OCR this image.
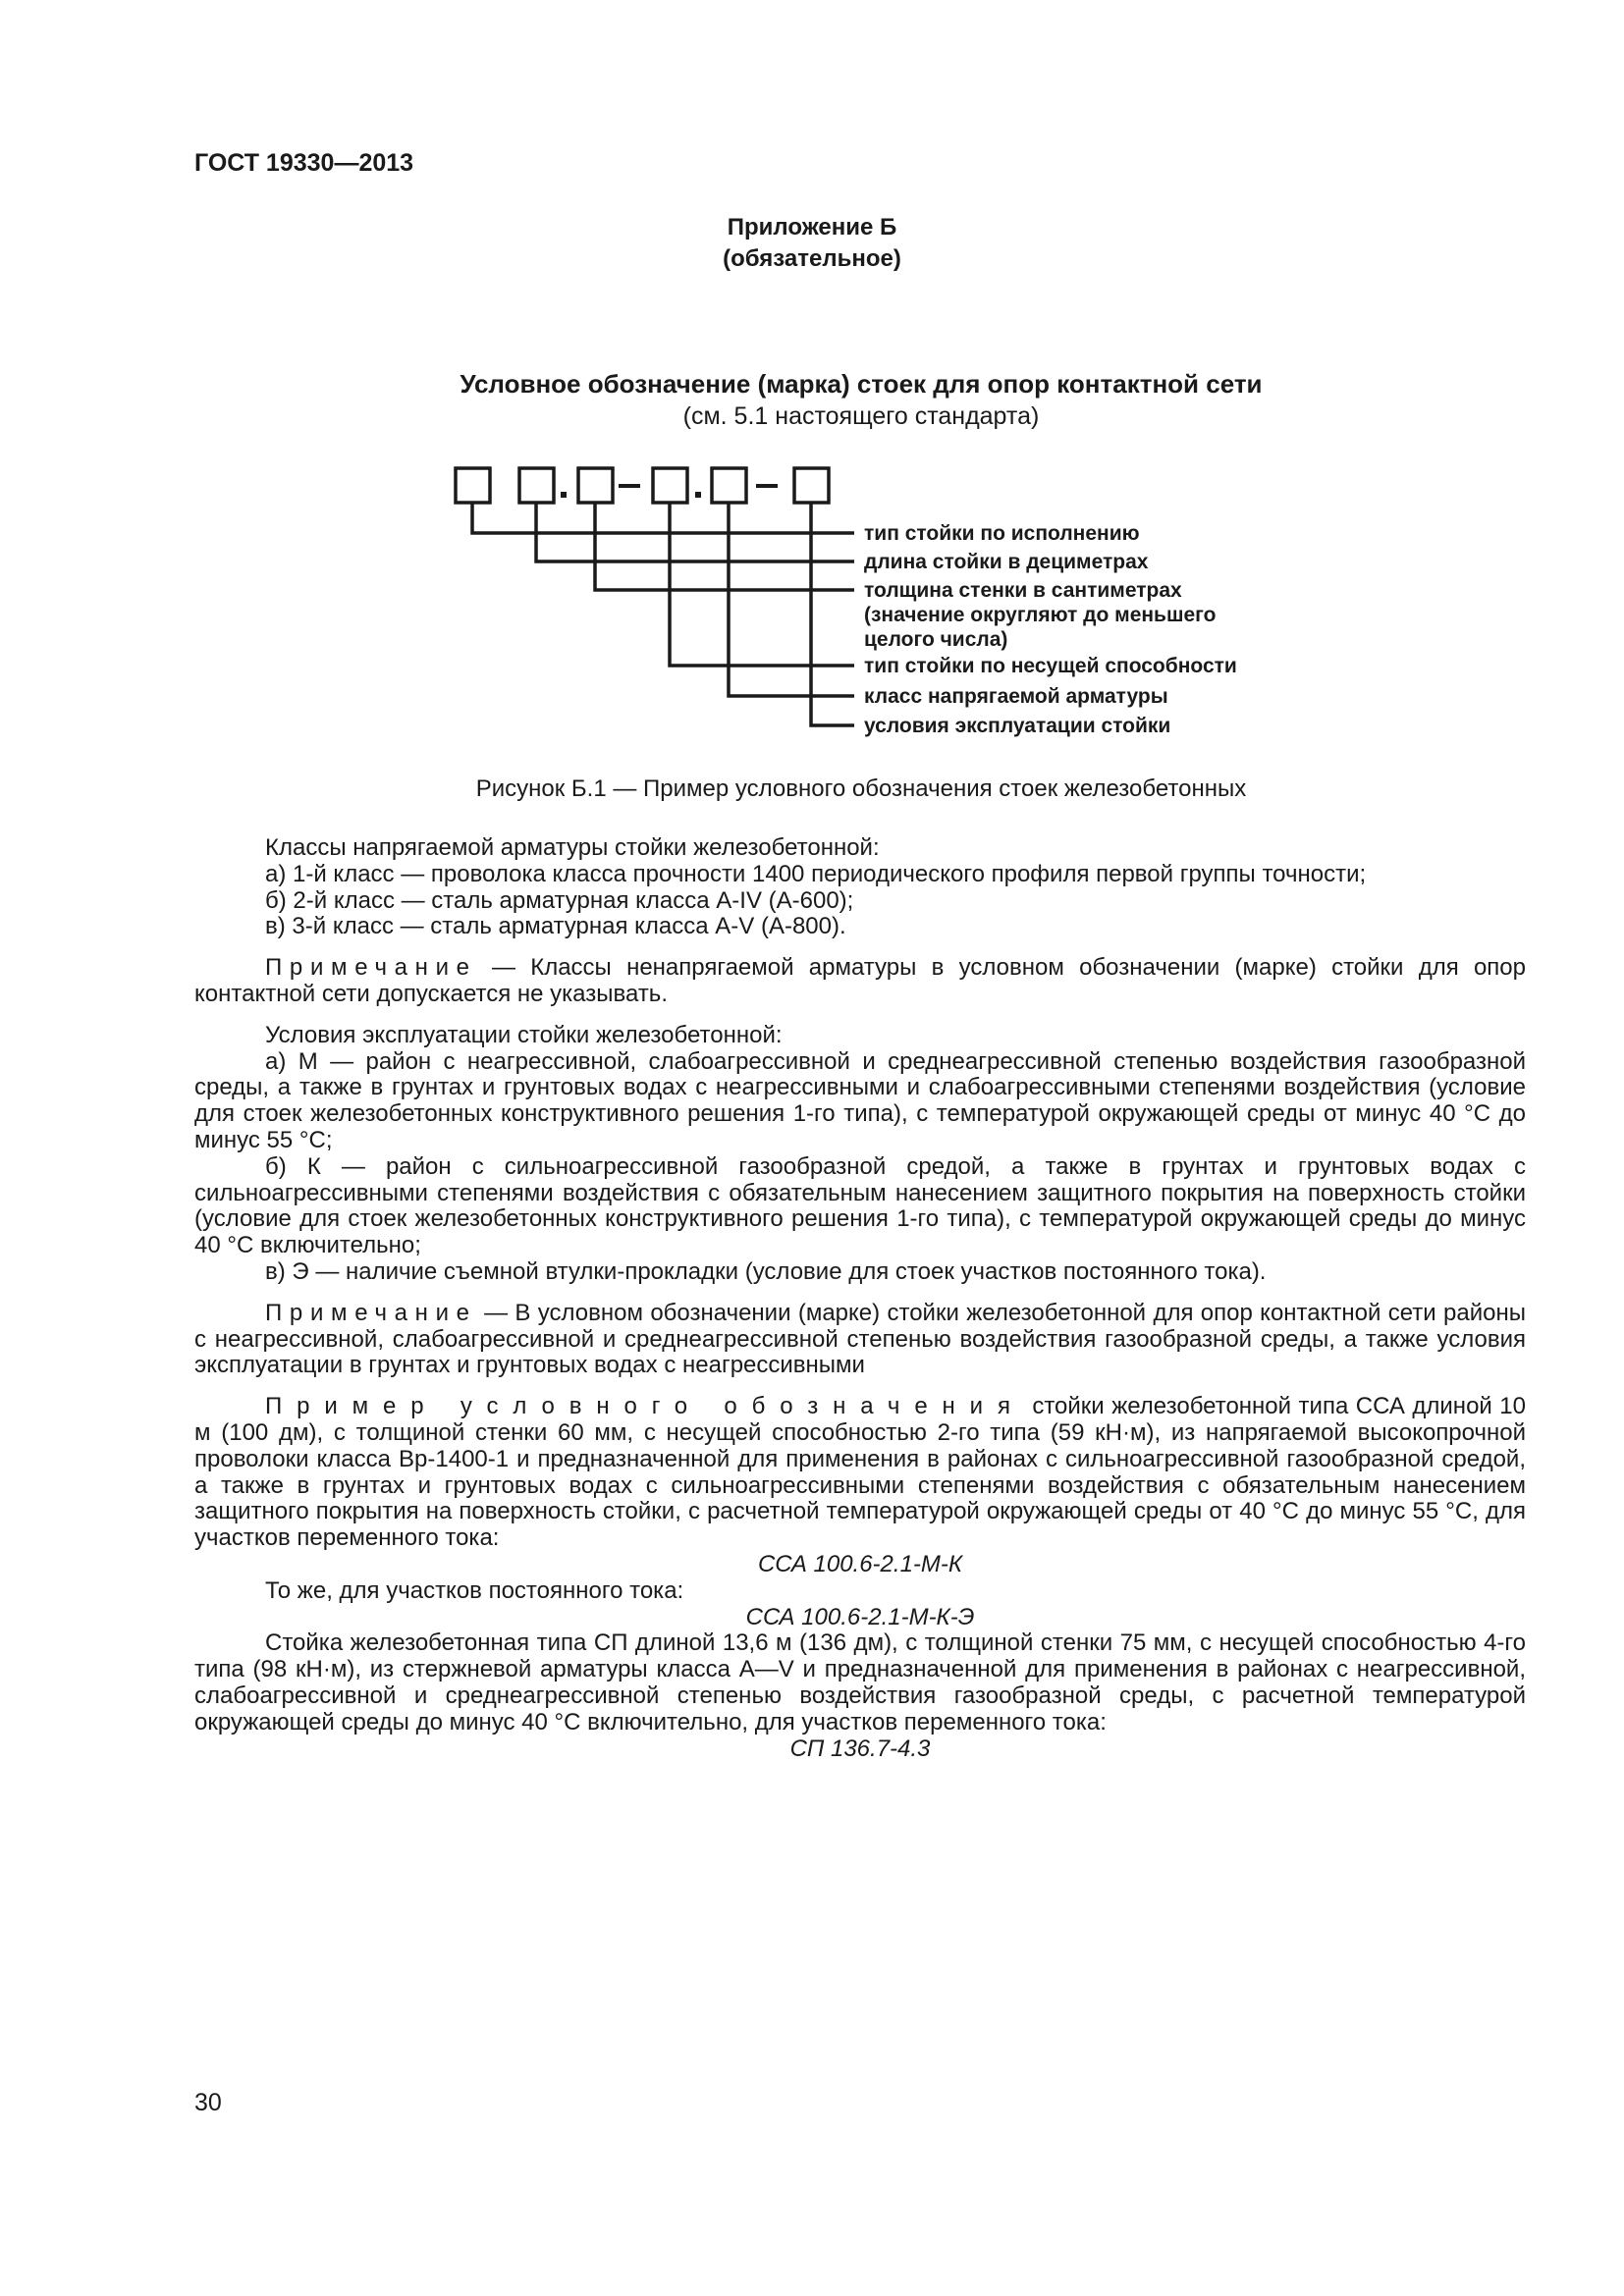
ГОСТ 19330—2013
Приложение Б
(обязательное)
Условное обозначение (марка) стоек для опор контактной сети
(см. 5.1 настоящего стандарта)
тип стойки по исполнению
длина стойки в дециметрах
толщина стенки в сантиметрах
(значение округляют до меньшего
целого числа)
тип стойки по несущей способности
класс напрягаемой арматуры
условия эксплуатации стойки
Рисунок Б.1 — Пример условного обозначения стоек железобетонных

Классы напрягаемой арматуры стойки железобетонной:

а) 1-й класс — проволока класса прочности 1400 периодического профиля первой группы точности;

б) 2-й класс — сталь арматурная класса A-IV (А-600);

в) 3-й класс — сталь арматурная класса A-V (А-800).

Примечание — Классы ненапрягаемой арматуры в условном обозначении (марке) стойки для опор контактной сети допускается не указывать.

Условия эксплуатации стойки железобетонной:

а) М — район с неагрессивной, слабоагрессивной и среднеагрессивной степенью воздействия газообразной среды, а также в грунтах и грунтовых водах с неагрессивными и слабоагрессивными степенями воздействия (условие для стоек железобетонных конструктивного решения 1-го типа), с температурой окружающей среды от минус 40 °С до минус 55 °С;

б) К — район с сильноагрессивной газообразной средой, а также в грунтах и грунтовых водах с сильноагрессивными степенями воздействия с обязательным нанесением защитного покрытия на поверхность стойки (условие для стоек железобетонных конструктивного решения 1-го типа), с температурой окружающей среды до минус 40 °С включительно;

в) Э — наличие съемной втулки-прокладки (условие для стоек участков постоянного тока).

Примечание — В условном обозначении (марке) стойки железобетонной для опор контактной сети районы с неагрессивной, слабоагрессивной и среднеагрессивной степенью воздействия газообразной среды, а также условия эксплуатации в грунтах и грунтовых водах с неагрессивными

Пример условного обозначения стойки железобетонной типа ССА длиной 10 м (100 дм), с толщиной стенки 60 мм, с несущей способностью 2-го типа (59 кН·м), из напрягаемой высокопрочной проволоки класса Вр-1400-1 и предназначенной для применения в районах с сильноагрессивной газообразной средой, а также в грунтах и грунтовых водах с сильноагрессивными степенями воздействия с обязательным нанесением защитного покрытия на поверхность стойки, с расчетной температурой окружающей среды от 40 °С до минус 55 °С, для участков переменного тока:

ССА 100.6-2.1-М-К

То же, для участков постоянного тока:

ССА 100.6-2.1-М-К-Э

Стойка железобетонная типа СП длиной 13,6 м (136 дм), с толщиной стенки 75 мм, с несущей способностью 4-го типа (98 кН·м), из стержневой арматуры класса А—V и предназначенной для применения в районах с неагрессивной, слабоагрессивной и среднеагрессивной степенью воздействия газообразной среды, с расчетной температурой окружающей среды до минус 40 °С включительно, для участков переменного тока:

СП 136.7-4.3

30
